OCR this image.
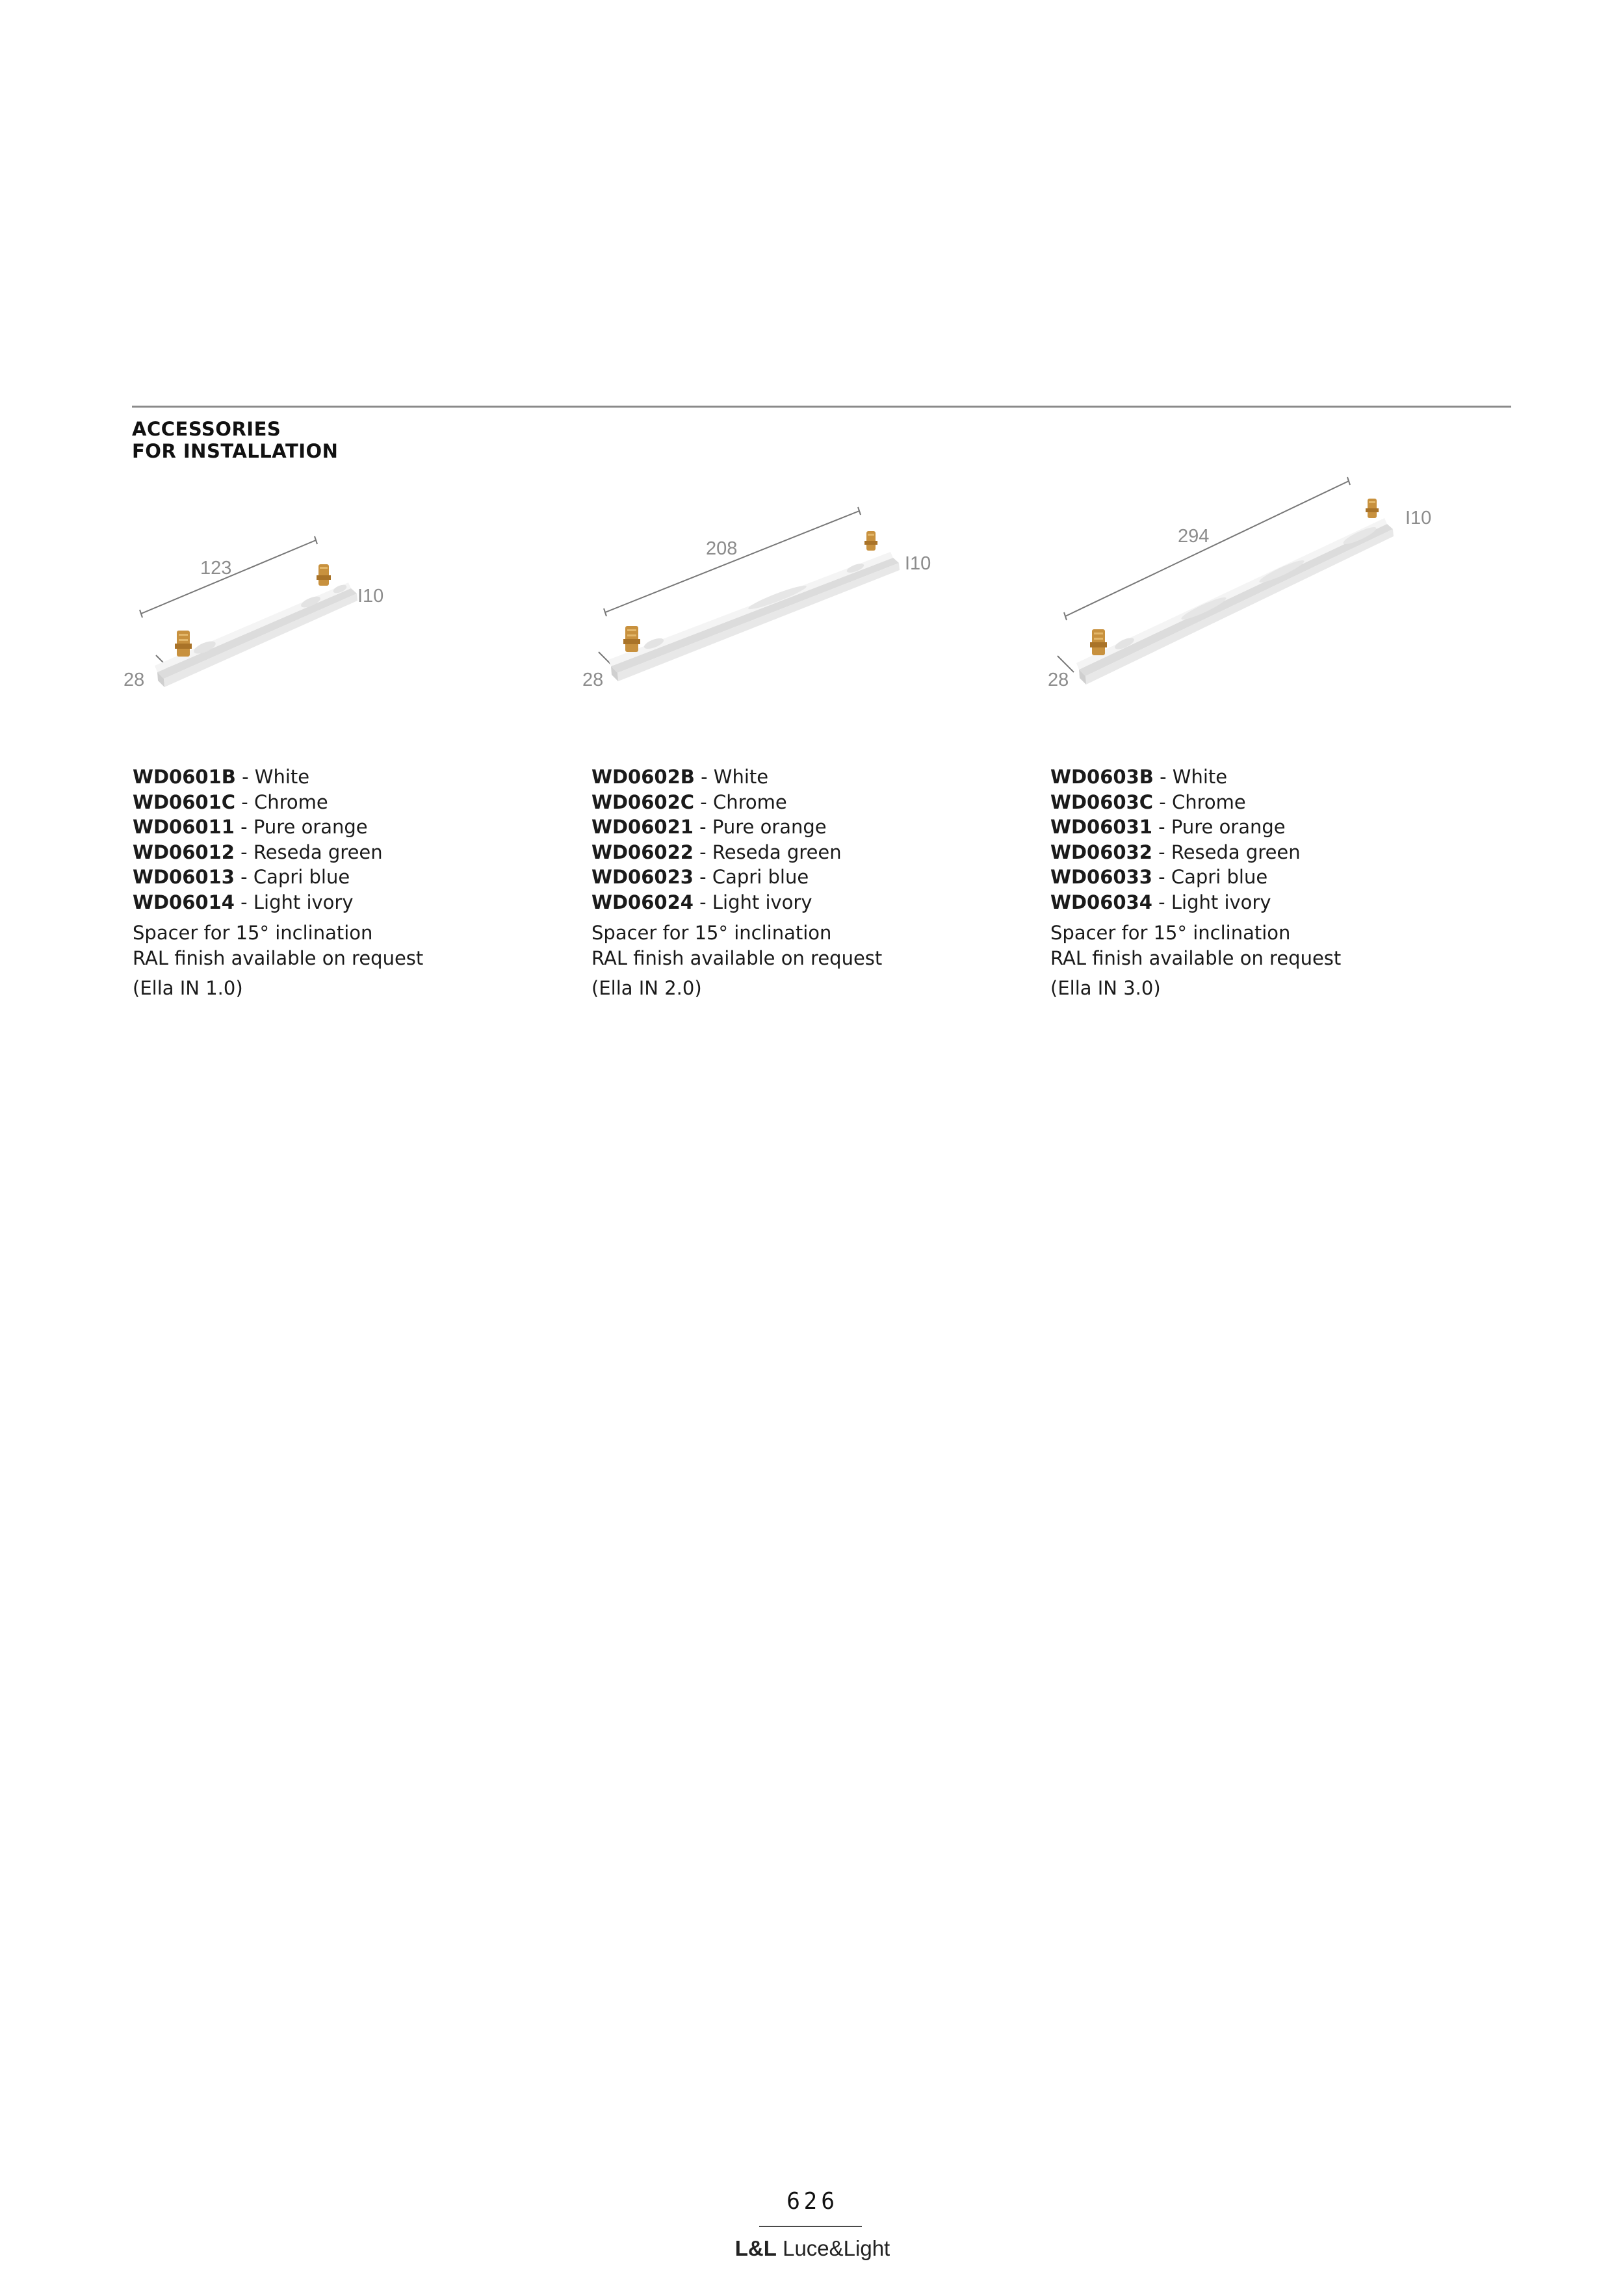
ACCESSORIES
FOR INSTALLATION
123
28
I10
WD0601B - White
WD0601C - Chrome
WD06011 - Pure orange
WD06012 - Reseda green
WD06013 - Capri blue
WD06014 - Light ivory
Spacer for 15° inclination
RAL finish available on request
(Ella IN 1.0)
208
28
I10
WD0602B - White
WD0602C - Chrome
WD06021 - Pure orange
WD06022 - Reseda green
WD06023 - Capri blue
WD06024 - Light ivory
Spacer for 15° inclination
RAL finish available on request
(Ella IN 2.0)
294
28
I10
WD0603B - White
WD0603C - Chrome
WD06031 - Pure orange
WD06032 - Reseda green
WD06033 - Capri blue
WD06034 - Light ivory
Spacer for 15° inclination
RAL finish available on request
(Ella IN 3.0)
626
L&L Luce&Light
